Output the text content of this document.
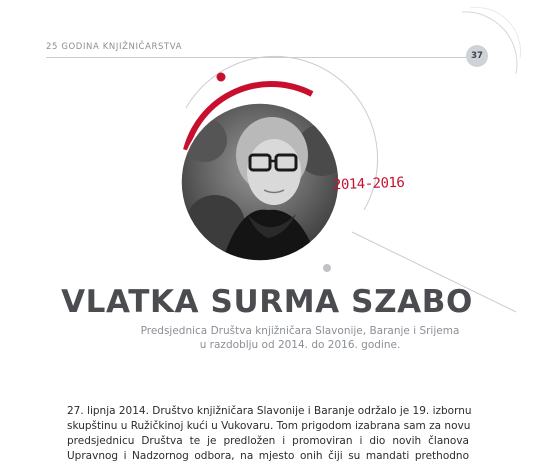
25 GODINA KNJIŽNIČARSTVA
37
2014-2016
VLATKA SURMA SZABO
Predsjednica Društva knjižničara Slavonije, Baranje i Srijema
u razdoblju od 2014. do 2016. godine.
27. lipnja 2014. Društvo knjižničara Slavonije i Baranje održalo je 19. izbornu
skupštinu u Ružičkinoj kući u Vukovaru. Tom prigodom izabrana sam za novu
predsjednicu Društva te je predložen i promoviran i dio novih članova
Upravnog i Nadzornog odbora, na mjesto onih čiji su mandati prethodno
